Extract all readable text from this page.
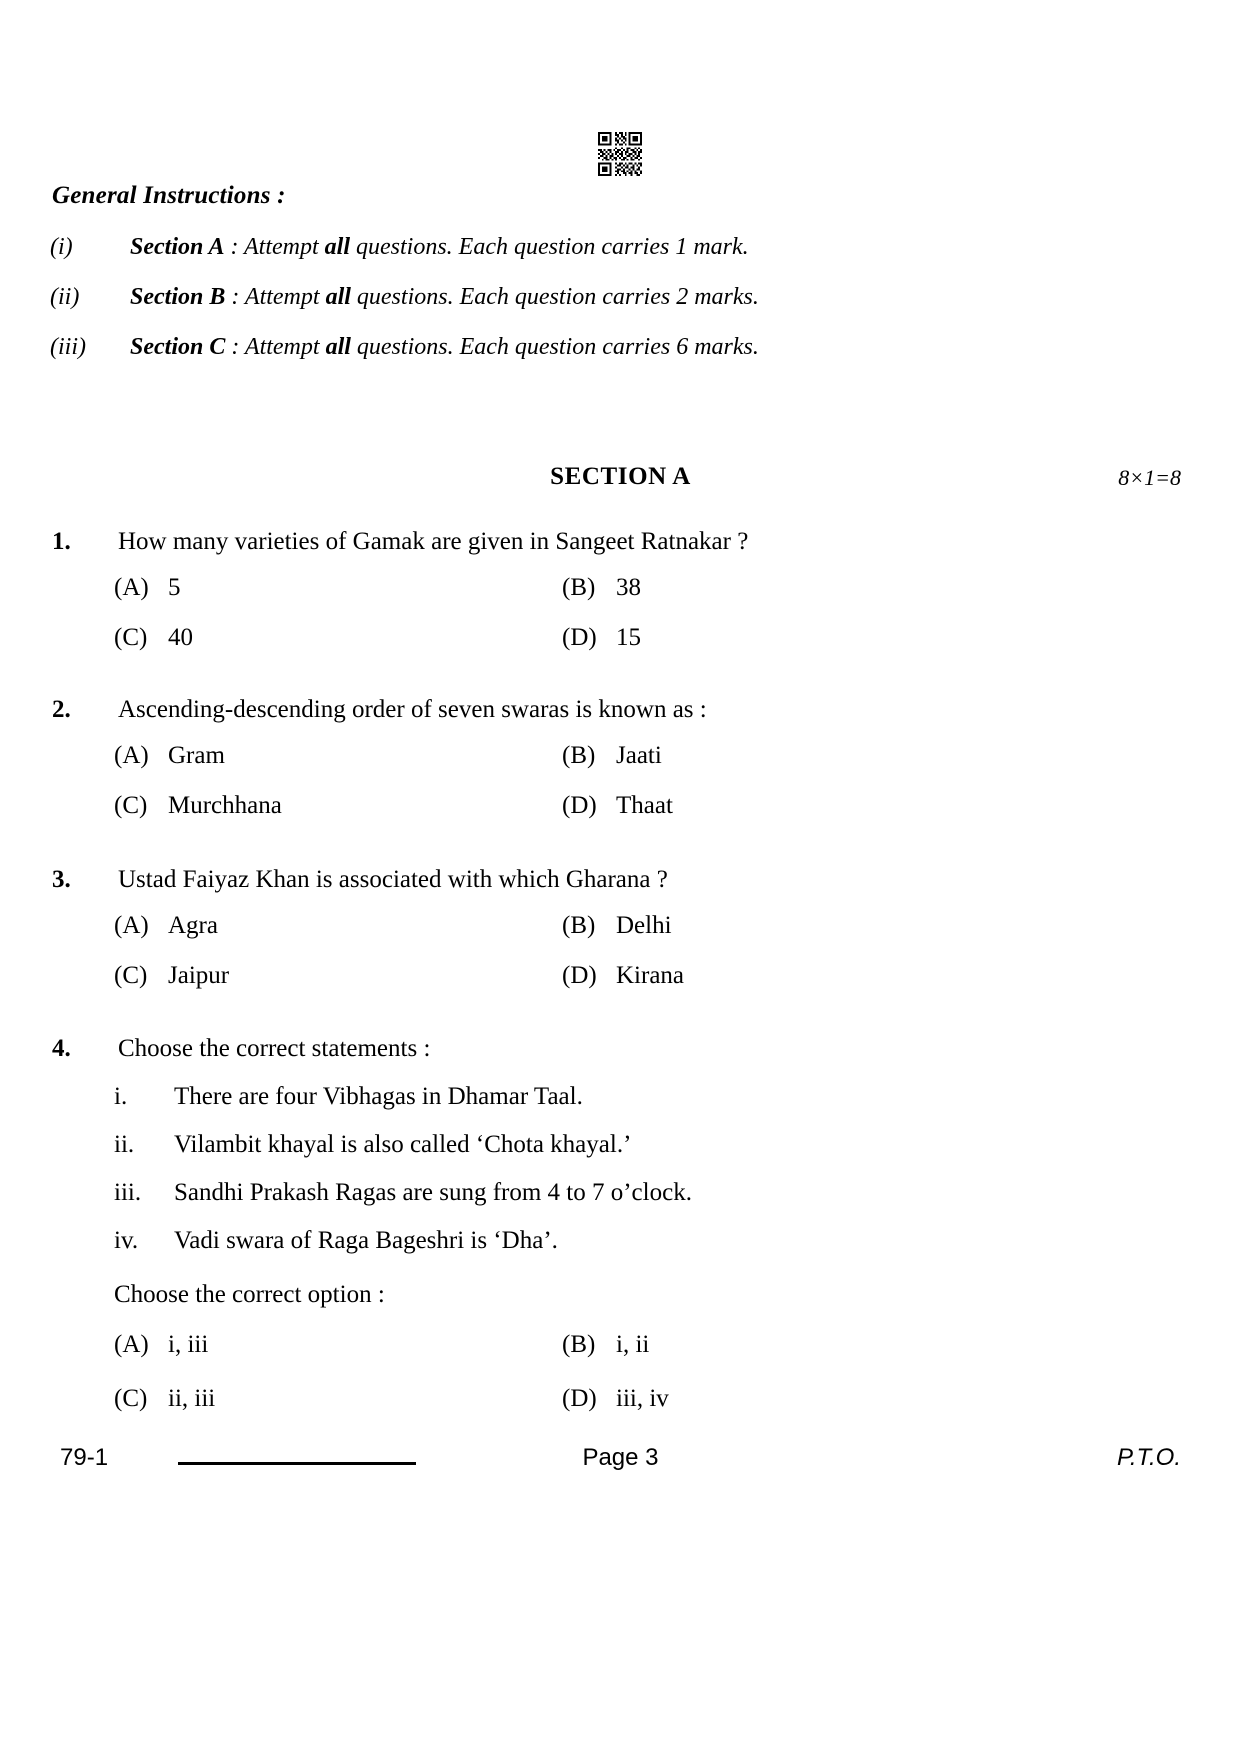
General Instructions :
(i) Section A : Attempt all questions. Each question carries 1 mark.
(ii) Section B : Attempt all questions. Each question carries 2 marks.
(iii) Section C : Attempt all questions. Each question carries 6 marks.
SECTION A	8×1=8
1.	How many varieties of Gamak are given in Sangeet Ratnakar ?
(A) 5	(B) 38
(C) 40	(D) 15
2.	Ascending-descending order of seven swaras is known as :
(A) Gram	(B) Jaati
(C) Murchhana	(D) Thaat
3.	Ustad Faiyaz Khan is associated with which Gharana ?
(A) Agra	(B) Delhi
(C) Jaipur	(D) Kirana
4.	Choose the correct statements :
i.	There are four Vibhagas in Dhamar Taal.
ii.	Vilambit khayal is also called ‘Chota khayal.’
iii.	Sandhi Prakash Ragas are sung from 4 to 7 o’clock.
iv.	Vadi swara of Raga Bageshri is ‘Dha’.
Choose the correct option :
(A) i, iii	(B) i, ii
(C) ii, iii	(D) iii, iv
79-1	Page 3	P.T.O.
